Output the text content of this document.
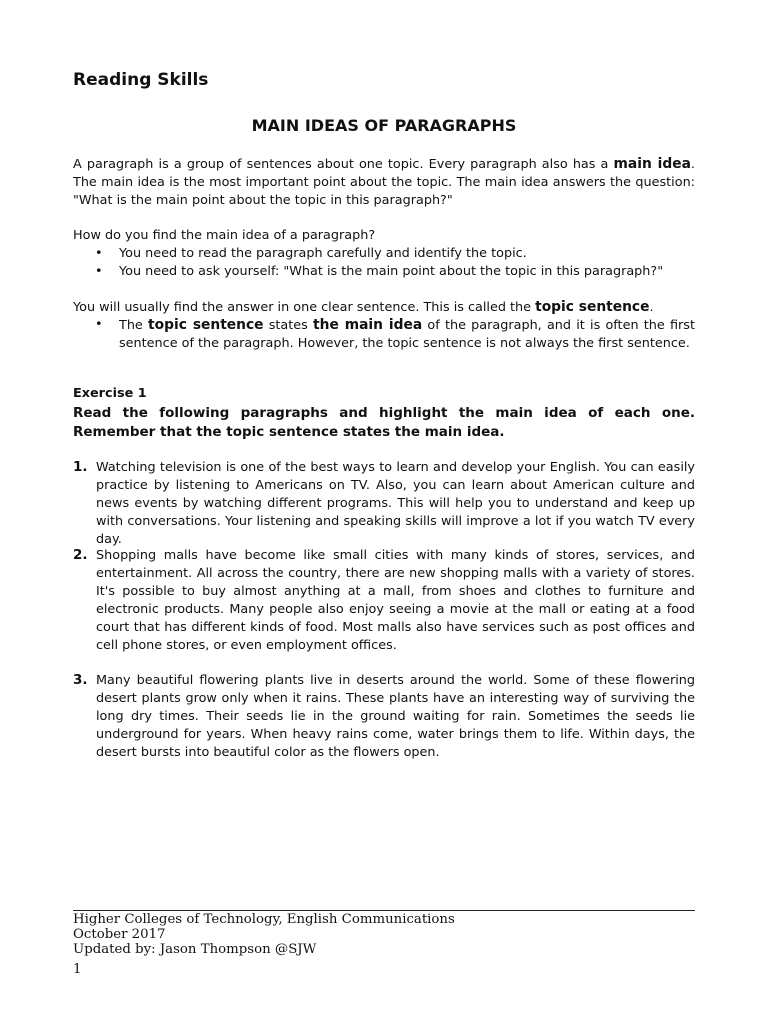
Reading Skills
MAIN IDEAS OF PARAGRAPHS
A paragraph is a group of sentences about one topic. Every paragraph also has a main idea. The main idea is the most important point about the topic. The main idea answers the question: "What is the main point about the topic in this paragraph?"
How do you find the main idea of a paragraph?
• You need to read the paragraph carefully and identify the topic.
• You need to ask yourself: "What is the main point about the topic in this paragraph?"
You will usually find the answer in one clear sentence. This is called the topic sentence.
• The topic sentence states the main idea of the paragraph, and it is often the first sentence of the paragraph. However, the topic sentence is not always the first sentence.
Exercise 1
Read the following paragraphs and highlight the main idea of each one. Remember that the topic sentence states the main idea.
1. Watching television is one of the best ways to learn and develop your English. You can easily practice by listening to Americans on TV. Also, you can learn about American culture and news events by watching different programs. This will help you to understand and keep up with conversations. Your listening and speaking skills will improve a lot if you watch TV every day.
2. Shopping malls have become like small cities with many kinds of stores, services, and entertainment. All across the country, there are new shopping malls with a variety of stores. It's possible to buy almost anything at a mall, from shoes and clothes to furniture and electronic products. Many people also enjoy seeing a movie at the mall or eating at a food court that has different kinds of food. Most malls also have services such as post offices and cell phone stores, or even employment offices.
3. Many beautiful flowering plants live in deserts around the world. Some of these flowering desert plants grow only when it rains. These plants have an interesting way of surviving the long dry times. Their seeds lie in the ground waiting for rain. Sometimes the seeds lie underground for years. When heavy rains come, water brings them to life. Within days, the desert bursts into beautiful color as the flowers open.
Higher Colleges of Technology, English Communications
October 2017
Updated by: Jason Thompson @SJW
1
